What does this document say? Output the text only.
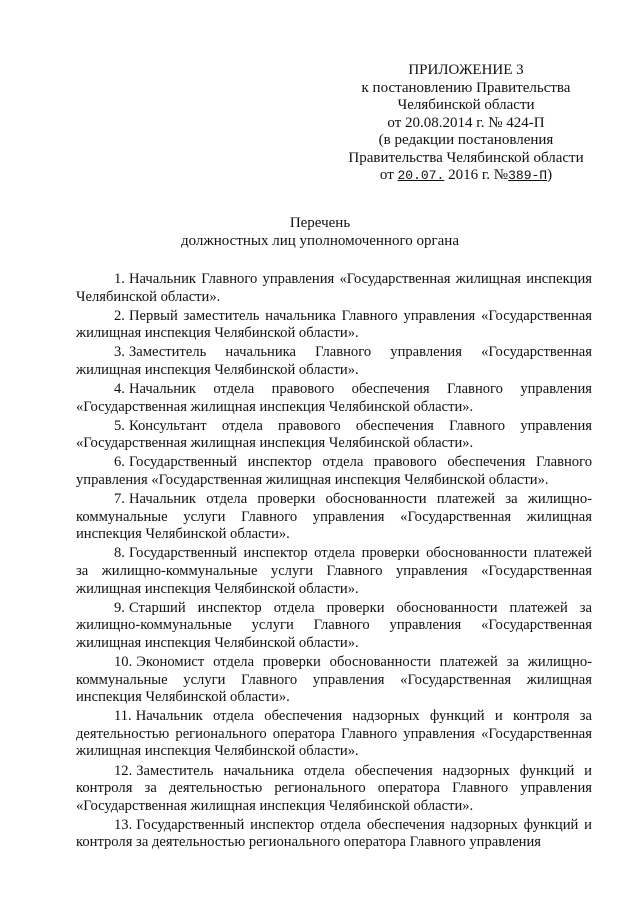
ПРИЛОЖЕНИЕ 3
к постановлению Правительства
Челябинской области
от 20.08.2014 г. № 424-П
(в редакции постановления
Правительства Челябинской области
от 20.07. 2016 г. №389-П)
Перечень
должностных лиц уполномоченного органа

1. Начальник Главного управления «Государственная жилищная инспекция Челябинской области».

2. Первый заместитель начальника Главного управления «Государственная жилищная инспекция Челябинской области».

3. Заместитель начальника Главного управления «Государственная жилищная инспекция Челябинской области».

4. Начальник отдела правового обеспечения Главного управления «Государственная жилищная инспекция Челябинской области».

5. Консультант отдела правового обеспечения Главного управления «Государственная жилищная инспекция Челябинской области».

6. Государственный инспектор отдела правового обеспечения Главного управления «Государственная жилищная инспекция Челябинской области».

7. Начальник отдела проверки обоснованности платежей за жилищно-коммунальные услуги Главного управления «Государственная жилищная инспекция Челябинской области».

8. Государственный инспектор отдела проверки обоснованности платежей за жилищно-коммунальные услуги Главного управления «Государственная жилищная инспекция Челябинской области».

9. Старший инспектор отдела проверки обоснованности платежей за жилищно-коммунальные услуги Главного управления «Государственная жилищная инспекция Челябинской области».

10. Экономист отдела проверки обоснованности платежей за жилищно-коммунальные услуги Главного управления «Государственная жилищная инспекция Челябинской области».

11. Начальник отдела обеспечения надзорных функций и контроля за деятельностью регионального оператора Главного управления «Государственная жилищная инспекция Челябинской области».

12. Заместитель начальника отдела обеспечения надзорных функций и контроля за деятельностью регионального оператора Главного управления «Государственная жилищная инспекция Челябинской области».

13. Государственный инспектор отдела обеспечения надзорных функций и контроля за деятельностью регионального оператора Главного управления
